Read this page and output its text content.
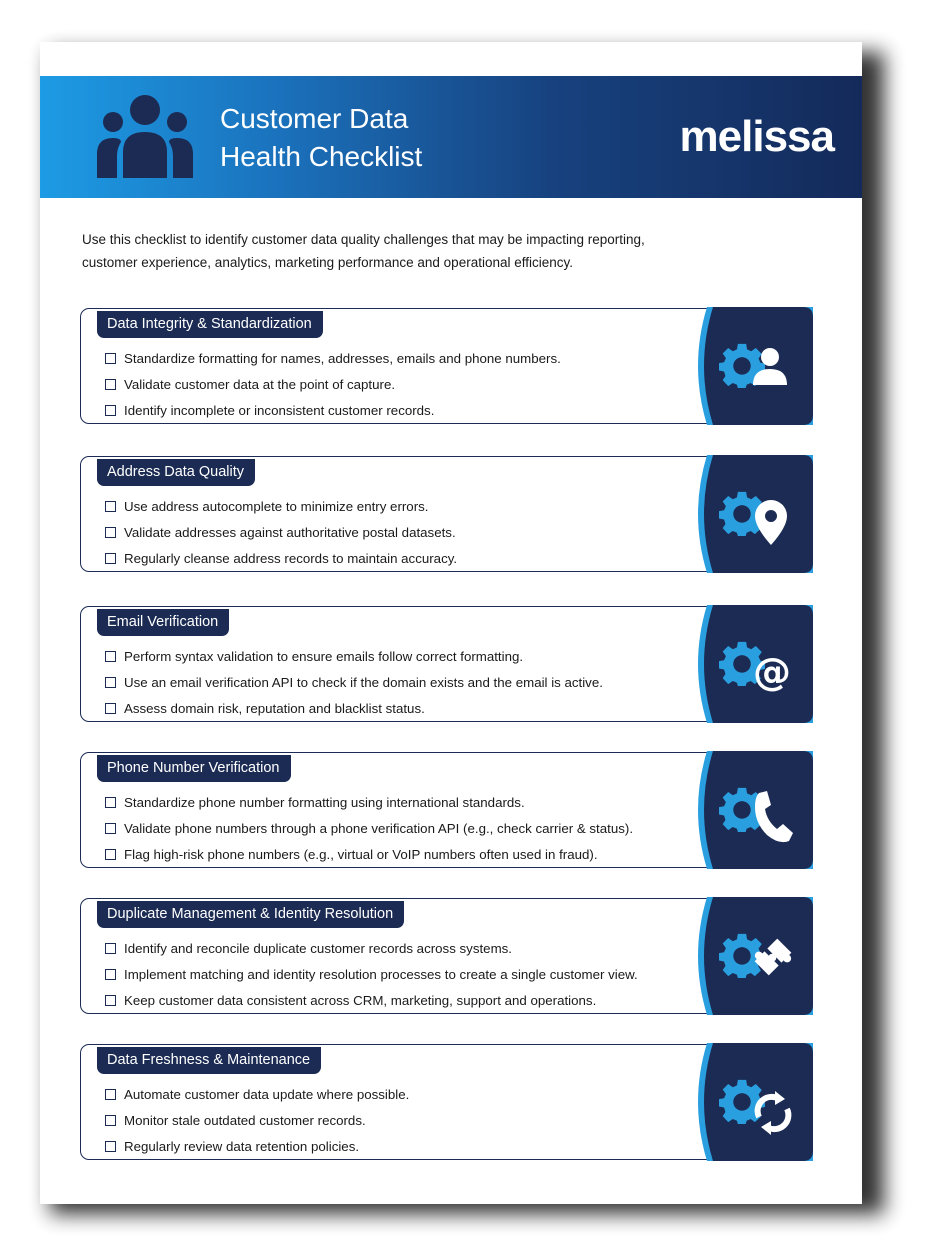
Customer Data
Health Checklist	melissa
Use this checklist to identify customer data quality challenges that may be impacting reporting,
customer experience, analytics, marketing performance and operational efficiency.
Data Integrity & Standardization
Standardize formatting for names, addresses, emails and phone numbers.
Validate customer data at the point of capture.
Identify incomplete or inconsistent customer records.
Address Data Quality
Use address autocomplete to minimize entry errors.
Validate addresses against authoritative postal datasets.
Regularly cleanse address records to maintain accuracy.
Email Verification
Perform syntax validation to ensure emails follow correct formatting.
Use an email verification API to check if the domain exists and the email is active.
Assess domain risk, reputation and blacklist status.
@
Phone Number Verification
Standardize phone number formatting using international standards.
Validate phone numbers through a phone verification API (e.g., check carrier & status).
Flag high-risk phone numbers (e.g., virtual or VoIP numbers often used in fraud).
Duplicate Management & Identity Resolution
Identify and reconcile duplicate customer records across systems.
Implement matching and identity resolution processes to create a single customer view.
Keep customer data consistent across CRM, marketing, support and operations.
Data Freshness & Maintenance
Automate customer data update where possible.
Monitor stale outdated customer records.
Regularly review data retention policies.
